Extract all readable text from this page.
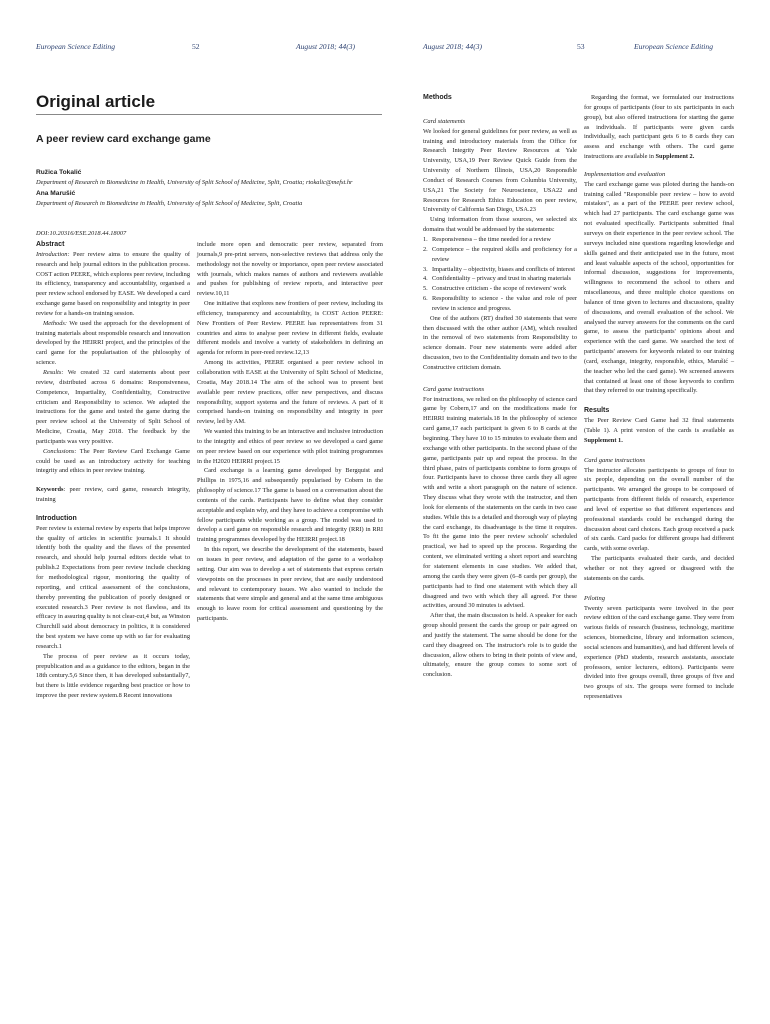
European Science Editing	52	August 2018; 44(3)
Original article
A peer review card exchange game
Ružica Tokalić
Department of Research in Biomedicine in Health, University of Split School of Medicine, Split, Croatia; rtokalic@mefst.hr
Ana Marušić
Department of Research in Biomedicine in Health, University of Split School of Medicine, Split, Croatia
DOI:10.20316/ESE.2018.44.18007

Abstract

Introduction: Peer review aims to ensure the quality of research and help journal editors in the publication process. COST action PEERE, which explores peer review, including its efficiency, transparency and accountability, organised a peer review school endorsed by EASE. We developed a card exchange game based on responsibility and integrity in peer review for a hands-on training session.

Methods: We used the approach for the development of training materials about responsible research and innovation developed by the HEIRRI project, and the principles of the card game for the popularisation of the philosophy of science.

Results: We created 32 card statements about peer review, distributed across 6 domains: Responsiveness, Competence, Impartiality, Confidentiality, Constructive criticism and Responsibility to science. We adapted the instructions for the game and tested the game during the peer review school at the University of Split School of Medicine, Croatia, May 2018. The feedback by the participants was very positive.

Conclusions: The Peer Review Card Exchange Game could be used as an introductory activity for teaching integrity and ethics in peer review training.

Keywords: peer review, card game, research integrity, training

Introduction

Peer review is external review by experts that helps improve the quality of articles in scientific journals.1 It should identify both the quality and the flaws of the presented research, and should help journal editors decide what to publish.2 Expectations from peer review include checking for methodological rigour, monitoring the quality of reporting, and critical assessment of the conclusions, thereby preventing the publication of poorly designed or executed research.3 Peer review is not flawless, and its efficacy in assuring quality is not clear-cut,4 but, as Winston Churchill said about democracy in politics, it is considered the best system we have come up with so far for evaluating research.1

The process of peer review as it occurs today, prepublication and as a guidance to the editors, began in the 18th century.5,6 Since then, it has developed substantially7, but there is little evidence regarding best practice or how to improve the peer review system.8 Recent innovations

include more open and democratic peer review, separated from journals,9 pre-print servers, non-selective reviews that address only the methodology not the novelty or importance, open peer review associated with journals, which makes names of authors and reviewers available and pushes for publishing of review reports, and interactive peer review.10,11

One initiative that explores new frontiers of peer review, including its efficiency, transparency and accountability, is COST Action PEERE: New Frontiers of Peer Review. PEERE has representatives from 31 countries and aims to analyse peer review in different fields, evaluate different models and involve a variety of stakeholders in defining an agenda for reform in peer-reed review.12,13

Among its activities, PEERE organised a peer review school in collaboration with EASE at the University of Split School of Medicine, Croatia, May 2018.14 The aim of the school was to present best available peer review practices, offer new perspectives, and discuss responsibility, support systems and the future of reviews. A part of it comprised hands-on training on responsibility and integrity in peer review, led by AM.

We wanted this training to be an interactive and inclusive introduction to the integrity and ethics of peer review so we developed a card game on peer review based on our experience with pilot training programmes in the H2020 HEIRRI project.15

Card exchange is a learning game developed by Bergquist and Phillips in 1975,16 and subsequently popularised by Cobern in the philosophy of science.17 The game is based on a conversation about the contents of the cards. Participants have to define what they consider acceptable and explain why, and they have to achieve a compromise with fellow participants while working as a group. The model was used to develop a card game on responsible research and integrity (RRI) in RRI training programmes developed by the HEIRRI project.18

In this report, we describe the development of the statements, based on issues in peer review, and adaptation of the game to a workshop setting. Our aim was to develop a set of statements that express certain viewpoints on the processes in peer review, that are easily understood and relevant to contemporary issues. We also wanted to include the statements that were simple and general and at the same time ambiguous enough to leave room for critical assessment and questioning by the participants.

August 2018; 44(3)	53	European Science Editing

Methods

Card statements

We looked for general guidelines for peer review, as well as training and introductory materials from the Office for Research Integrity Peer Review Resources at Yale University, USA,19 Peer Review Quick Guide from the University of Northern Illinois, USA,20 Responsible Conduct of Research Courses from Columbia University, USA,21 The Society for Neuroscience, USA22 and Resources for Research Ethics Education on peer review, University of California San Diego, USA.23

Using information from those sources, we selected six domains that would be addressed by the statements:

1. Responsiveness – the time needed for a review
2. Competence – the required skills and proficiency for a review
3. Impartiality – objectivity, biases and conflicts of interest
4. Confidentiality – privacy and trust in sharing materials
5. Constructive criticism - the scope of reviewers' work
6. Responsibility to science - the value and role of peer review in science and progress.

One of the authors (RT) drafted 30 statements that were then discussed with the other author (AM), which resulted in the removal of two statements from Responsibility to science domain. Four new statements were added after discussion, two to the Confidentiality domain and two to the Constructive criticism domain.

Card game instructions

For instructions, we relied on the philosophy of science card game by Cobern,17 and on the modifications made for HEIRRI training materials.18 In the philosophy of science card game,17 each participant is given 6 to 8 cards at the beginning. They have 10 to 15 minutes to evaluate them and exchange with other participants. In the second phase of the game, participants pair up and repeat the process. In the third phase, pairs of participants combine to form groups of four. Participants have to choose three cards they all agree with and write a short paragraph on the nature of science. They discuss what they wrote with the instructor, and then look for elements of the statements on the cards in two case studies. While this is a detailed and thorough way of playing the card exchange, its disadvantage is the time it requires. To fit the game into the peer review schools' scheduled practical, we had to speed up the process. Regarding the content, we eliminated writing a short report and searching for statement elements in case studies. We added that, among the cards they were given (6–8 cards per group), the participants had to find one statement with which they all disagreed and two with which they all agreed. For these activities, around 30 minutes is advised.

After that, the main discussion is held. A speaker for each group should present the cards the group or pair agreed on and justify the statement. The same should be done for the card they disagreed on. The instructor's role is to guide the discussion, allow others to bring in their points of view and, ultimately, ensure the group comes to some sort of conclusion.

Regarding the format, we formulated our instructions for groups of participants (four to six participants in each group), but also offered instructions for starting the game as individuals. If participants were given cards individually, each participant gets 6 to 8 cards they can assess and exchange with others. The card game instructions are available in Supplement 2.

Implementation and evaluation

The card exchange game was piloted during the hands-on training called "Responsible peer review – how to avoid mistakes", as a part of the PEERE peer review school, which had 27 participants. The card exchange game was not evaluated specifically. Participants submitted final surveys on their experience in the peer review school. The surveys included nine questions regarding knowledge and skills gained and their anticipated use in the future, most and least valuable aspects of the school, opportunities for informal discussion, suggestions for improvements, willingness to recommend the school to others and miscellaneous, and three multiple choice questions on balance of time given to lectures and discussions, quality of discussions, and overall evaluation of the school. We analysed the survey answers for the comments on the card game, to assess the participants' opinions about and experience with the card game. We searched the text of participants' answers for keywords related to our training (card, exchange, integrity, responsible, ethics, Marušić – the teacher who led the card game). We screened answers that contained at least one of those keywords to confirm that they referred to our training specifically.

Results

The Peer Review Card Game had 32 final statements (Table 1). A print version of the cards is available as Supplement 1.

Card game instructions

The instructor allocates participants to groups of four to six people, depending on the overall number of the participants. We arranged the groups to be composed of participants from different fields of research, experience and level of expertise so that different experiences and professional standards could be exchanged during the discussion about card choices. Each group received a pack of six cards. Card packs for different groups had different cards, with some overlap.

The participants evaluated their cards, and decided whether or not they agreed or disagreed with the statements on the cards.

Piloting

Twenty seven participants were involved in the peer review edition of the card exchange game. They were from various fields of research (business, technology, maritime sciences, biomedicine, library and information sciences, social sciences and humanities), and had different levels of experience (PhD students, research assistants, associate professors, senior lecturers, editors). Participants were divided into five groups overall, three groups of five and two groups of six. The groups were formed to include representatives
